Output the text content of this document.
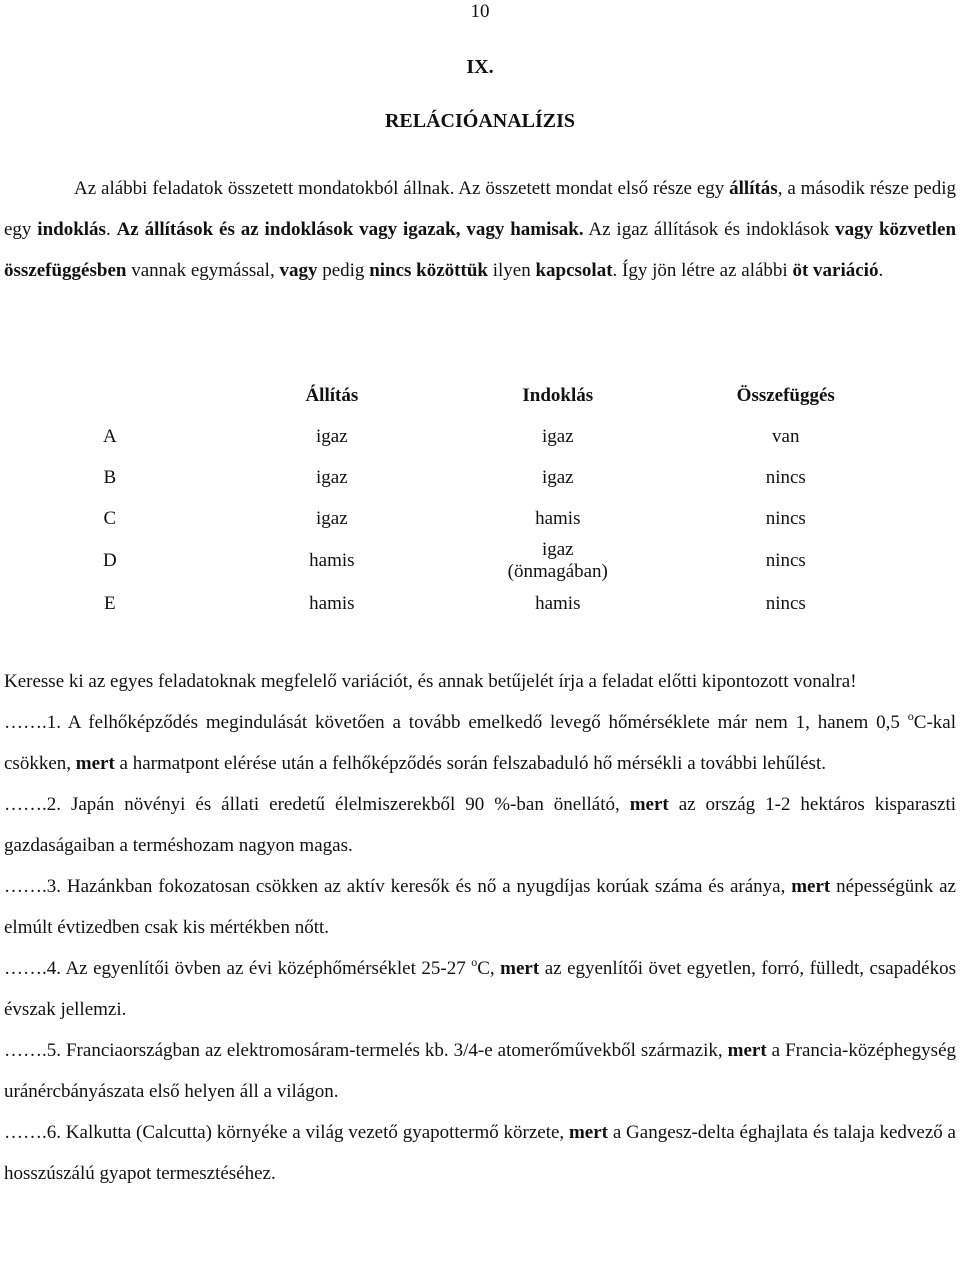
10
IX.
RELÁCIÓANALÍZIS

Az alábbi feladatok összetett mondatokból állnak. Az összetett mondat első része egy állítás, a második része pedig egy indoklás. Az állítások és az indoklások vagy igazak, vagy hamisak. Az igaz állítások és indoklások vagy közvetlen összefüggésben vannak egymással, vagy pedig nincs közöttük ilyen kapcsolat. Így jön létre az alábbi öt variáció.

	Állítás	Indoklás	Összefüggés
A	igaz	igaz	van
B	igaz	igaz	nincs
C	igaz	hamis	nincs
D	hamis	igaz (önmagában)	nincs
E	hamis	hamis	nincs
Keresse ki az egyes feladatoknak megfelelő variációt, és annak betűjelét írja a feladat előtti kipontozott vonalra!
…….1. A felhőképződés megindulását követően a tovább emelkedő levegő hőmérséklete már nem 1, hanem 0,5 $^o$C-kal csökken, mert a harmatpont elérése után a felhőképződés során felszabaduló hő mérsékli a további lehűlést.
…….2. Japán növényi és állati eredetű élelmiszerekből 90 %-ban önellátó, mert az ország 1-2 hektáros kisparaszti gazdaságaiban a terméshozam nagyon magas.
…….3. Hazánkban fokozatosan csökken az aktív keresők és nő a nyugdíjas korúak száma és aránya, mert népességünk az elmúlt évtizedben csak kis mértékben nőtt.
…….4. Az egyenlítői övben az évi középhőmérséklet 25-27 $^o$C, mert az egyenlítői övet egyetlen, forró, fülledt, csapadékos évszak jellemzi.
…….5. Franciaországban az elektromosáram-termelés kb. 3/4-e atomerőművekből származik, mert a Francia-középhegység uránércbányászata első helyen áll a világon.
…….6. Kalkutta (Calcutta) környéke a világ vezető gyapottermő körzete, mert a Gangesz-delta éghajlata és talaja kedvező a hosszúszálú gyapot termesztéséhez.
